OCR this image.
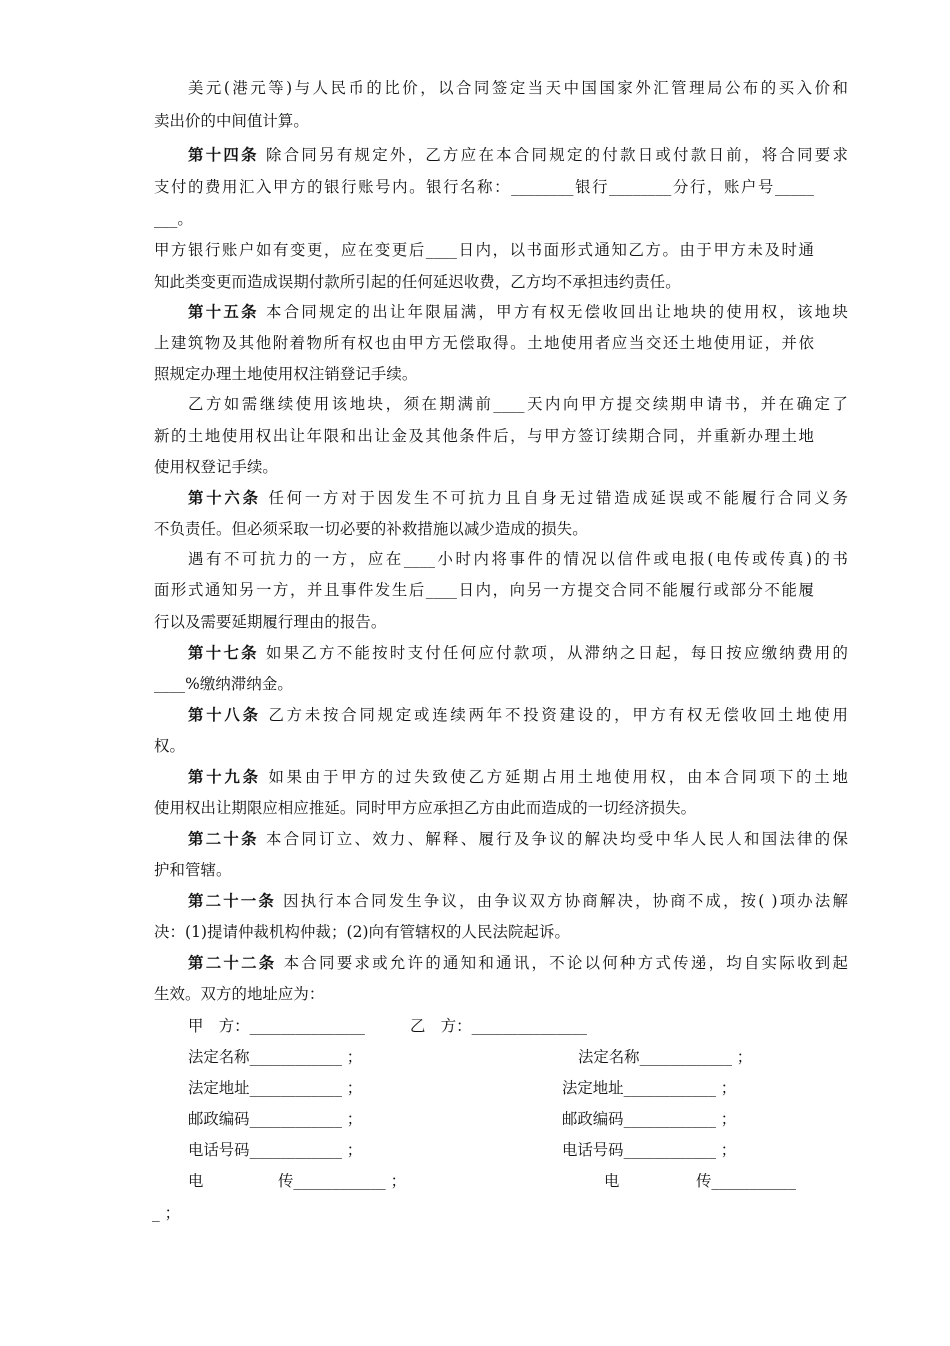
美元(港元等)与人民币的比价，以合同签定当天中国国家外汇管理局公布的买入价和
卖出价的中间值计算。
第十四条 除合同另有规定外，乙方应在本合同规定的付款日或付款日前，将合同要求
支付的费用汇入甲方的银行账号内。银行名称：________银行________分行，账户号_____
___。
甲方银行账户如有变更，应在变更后____日内，以书面形式通知乙方。由于甲方未及时通
知此类变更而造成误期付款所引起的任何延迟收费，乙方均不承担违约责任。
第十五条 本合同规定的出让年限届满，甲方有权无偿收回出让地块的使用权，该地块
上建筑物及其他附着物所有权也由甲方无偿取得。土地使用者应当交还土地使用证，并依
照规定办理土地使用权注销登记手续。
乙方如需继续使用该地块，须在期满前____天内向甲方提交续期申请书，并在确定了
新的土地使用权出让年限和出让金及其他条件后，与甲方签订续期合同，并重新办理土地
使用权登记手续。
第十六条 任何一方对于因发生不可抗力且自身无过错造成延误或不能履行合同义务
不负责任。但必须采取一切必要的补救措施以减少造成的损失。
遇有不可抗力的一方，应在____小时内将事件的情况以信件或电报(电传或传真)的书
面形式通知另一方，并且事件发生后____日内，向另一方提交合同不能履行或部分不能履
行以及需要延期履行理由的报告。
第十七条 如果乙方不能按时支付任何应付款项，从滞纳之日起，每日按应缴纳费用的
____%缴纳滞纳金。
第十八条 乙方未按合同规定或连续两年不投资建设的，甲方有权无偿收回土地使用
权。
第十九条 如果由于甲方的过失致使乙方延期占用土地使用权，由本合同项下的土地
使用权出让期限应相应推延。同时甲方应承担乙方由此而造成的一切经济损失。
第二十条 本合同订立、效力、解释、履行及争议的解决均受中华人民人和国法律的保
护和管辖。
第二十一条 因执行本合同发生争议，由争议双方协商解决，协商不成，按( )项办法解
决：(1)提请仲裁机构仲裁；(2)向有管辖权的人民法院起诉。
第二十二条 本合同要求或允许的通知和通讯，不论以何种方式传递，均自实际收到起
生效。双方的地址应为：
甲　方：_______________	乙　方：_______________
法定名称____________ ；	法定名称____________ ；
法定地址____________ ；	法定地址____________ ；
邮政编码____________ ；	邮政编码____________ ；
电话号码____________ ；	电话号码____________ ；
电	传____________ ；	电	传___________
_ ；
